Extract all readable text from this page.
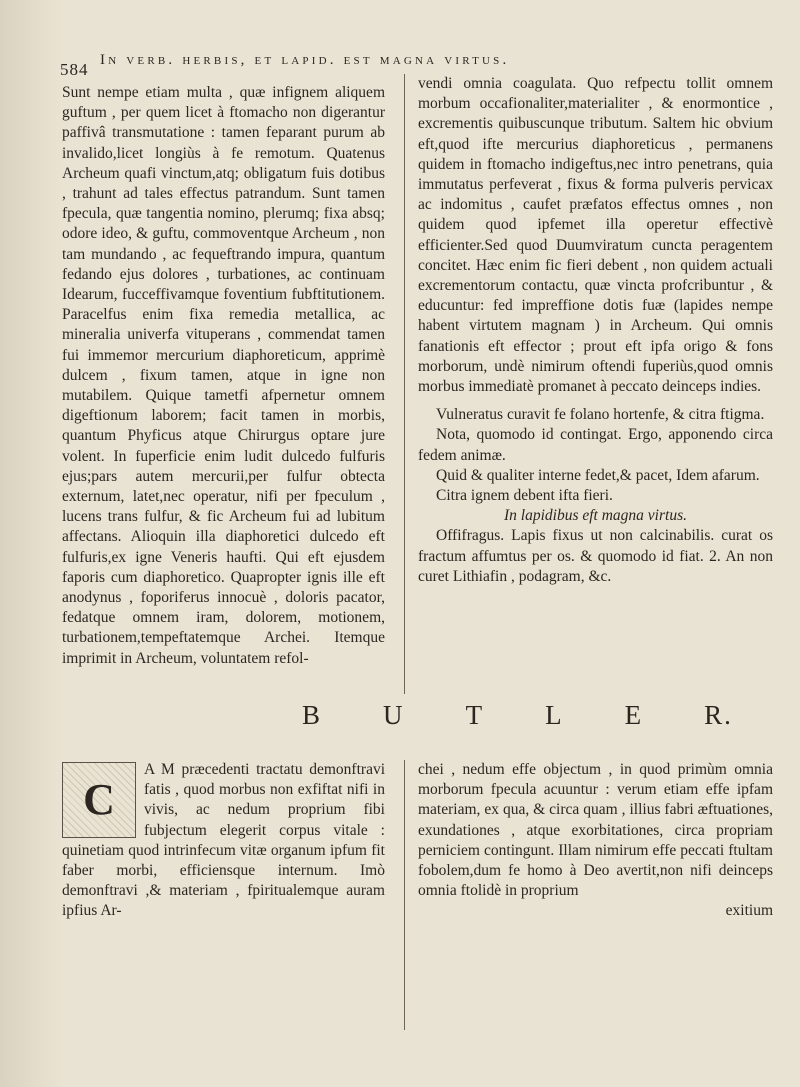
584 In verb. herbis, et lapid. est magna virtus.

Sunt nempe etiam multa , quæ infignem aliquem guftum , per quem licet à ftomacho non digerantur paffivâ transmutatione : tamen feparant purum ab invalido,licet longiùs à fe remotum. Quatenus Archeum quafi vinctum,atq; obligatum fuis dotibus , trahunt ad tales effectus patrandum. Sunt tamen fpecula, quæ tangentia nomino, plerumq; fixa absq; odore ideo, & guftu, commoventque Archeum , non tam mundando , ac fequeftrando impura, quantum fedando ejus dolores , turbationes, ac continuam Idearum, fucceffivamque foventium fubftitutionem. Paracelfus enim fixa remedia metallica, ac mineralia univerfa vituperans , commendat tamen fui immemor mercurium diaphoreticum, apprimè dulcem , fixum tamen, atque in igne non mutabilem. Quique tametfi afpernetur omnem digeftionum laborem; facit tamen in morbis, quantum Phyficus atque Chirurgus optare jure volent. In fuperficie enim ludit dulcedo fulfuris ejus;pars autem mercurii,per fulfur obtecta externum, latet,nec operatur, nifi per fpeculum , lucens trans fulfur, & fic Archeum fui ad lubitum affectans. Alioquin illa diaphoretici dulcedo eft fulfuris,ex igne Veneris haufti. Qui eft ejusdem faporis cum diaphoretico. Quapropter ignis ille eft anodynus , foporiferus innocuè , doloris pacator, fedatque omnem iram, dolorem, motionem, turbationem,tempeftatemque Archei. Itemque imprimit in Archeum, voluntatem refol-

vendi omnia coagulata. Quo refpectu tollit omnem morbum occafionaliter,materialiter , & enormontice , excrementis quibuscunque tributum. Saltem hic obvium eft,quod ifte mercurius diaphoreticus , permanens quidem in ftomacho indigeftus,nec intro penetrans, quia immutatus perfeverat , fixus & forma pulveris pervicax ac indomitus , caufet præfatos effectus omnes , non quidem quod ipfemet illa operetur effectivè efficienter.Sed quod Duumviratum cuncta peragentem concitet. Hæc enim fic fieri debent , non quidem actuali excrementorum contactu, quæ vincta profcribuntur , & educuntur: fed impreffione dotis fuæ (lapides nempe habent virtutem magnam ) in Archeum. Qui omnis fanationis eft effector ; prout eft ipfa origo & fons morborum, undè nimirum oftendi fuperiùs,quod omnis morbus immediatè promanet à peccato deinceps indies.

Vulneratus curavit fe folano hortenfe, & citra ftigma.

Nota, quomodo id contingat. Ergo, apponendo circa fedem animæ.

Quid & qualiter interne fedet,& pacet, Idem afarum.

Citra ignem debent ifta fieri.

In lapidibus eft magna virtus.

Offifragus. Lapis fixus ut non calcinabilis. curat os fractum affumtus per os. & quomodo id fiat. 2. An non curet Lithiafin , podagram, &c.

B U T L E R.
C

A M præcedenti tractatu demonftravi fatis , quod morbus non exfiftat nifi in vivis, ac nedum proprium fibi fubjectum elegerit corpus vitale : quinetiam quod intrinfecum vitæ organum ipfum fit faber morbi, efficiensque internum. Imò demonftravi ,& materiam , fpiritualemque auram ipfius Ar-

chei , nedum effe objectum , in quod primùm omnia morborum fpecula acuuntur : verum etiam effe ipfam materiam, ex qua, & circa quam , illius fabri æftuationes, exundationes , atque exorbitationes, circa propriam perniciem contingunt. Illam nimirum effe peccati ftultam fobolem,dum fe homo à Deo avertit,non nifi deinceps omnia ftolidè in proprium

exitium
